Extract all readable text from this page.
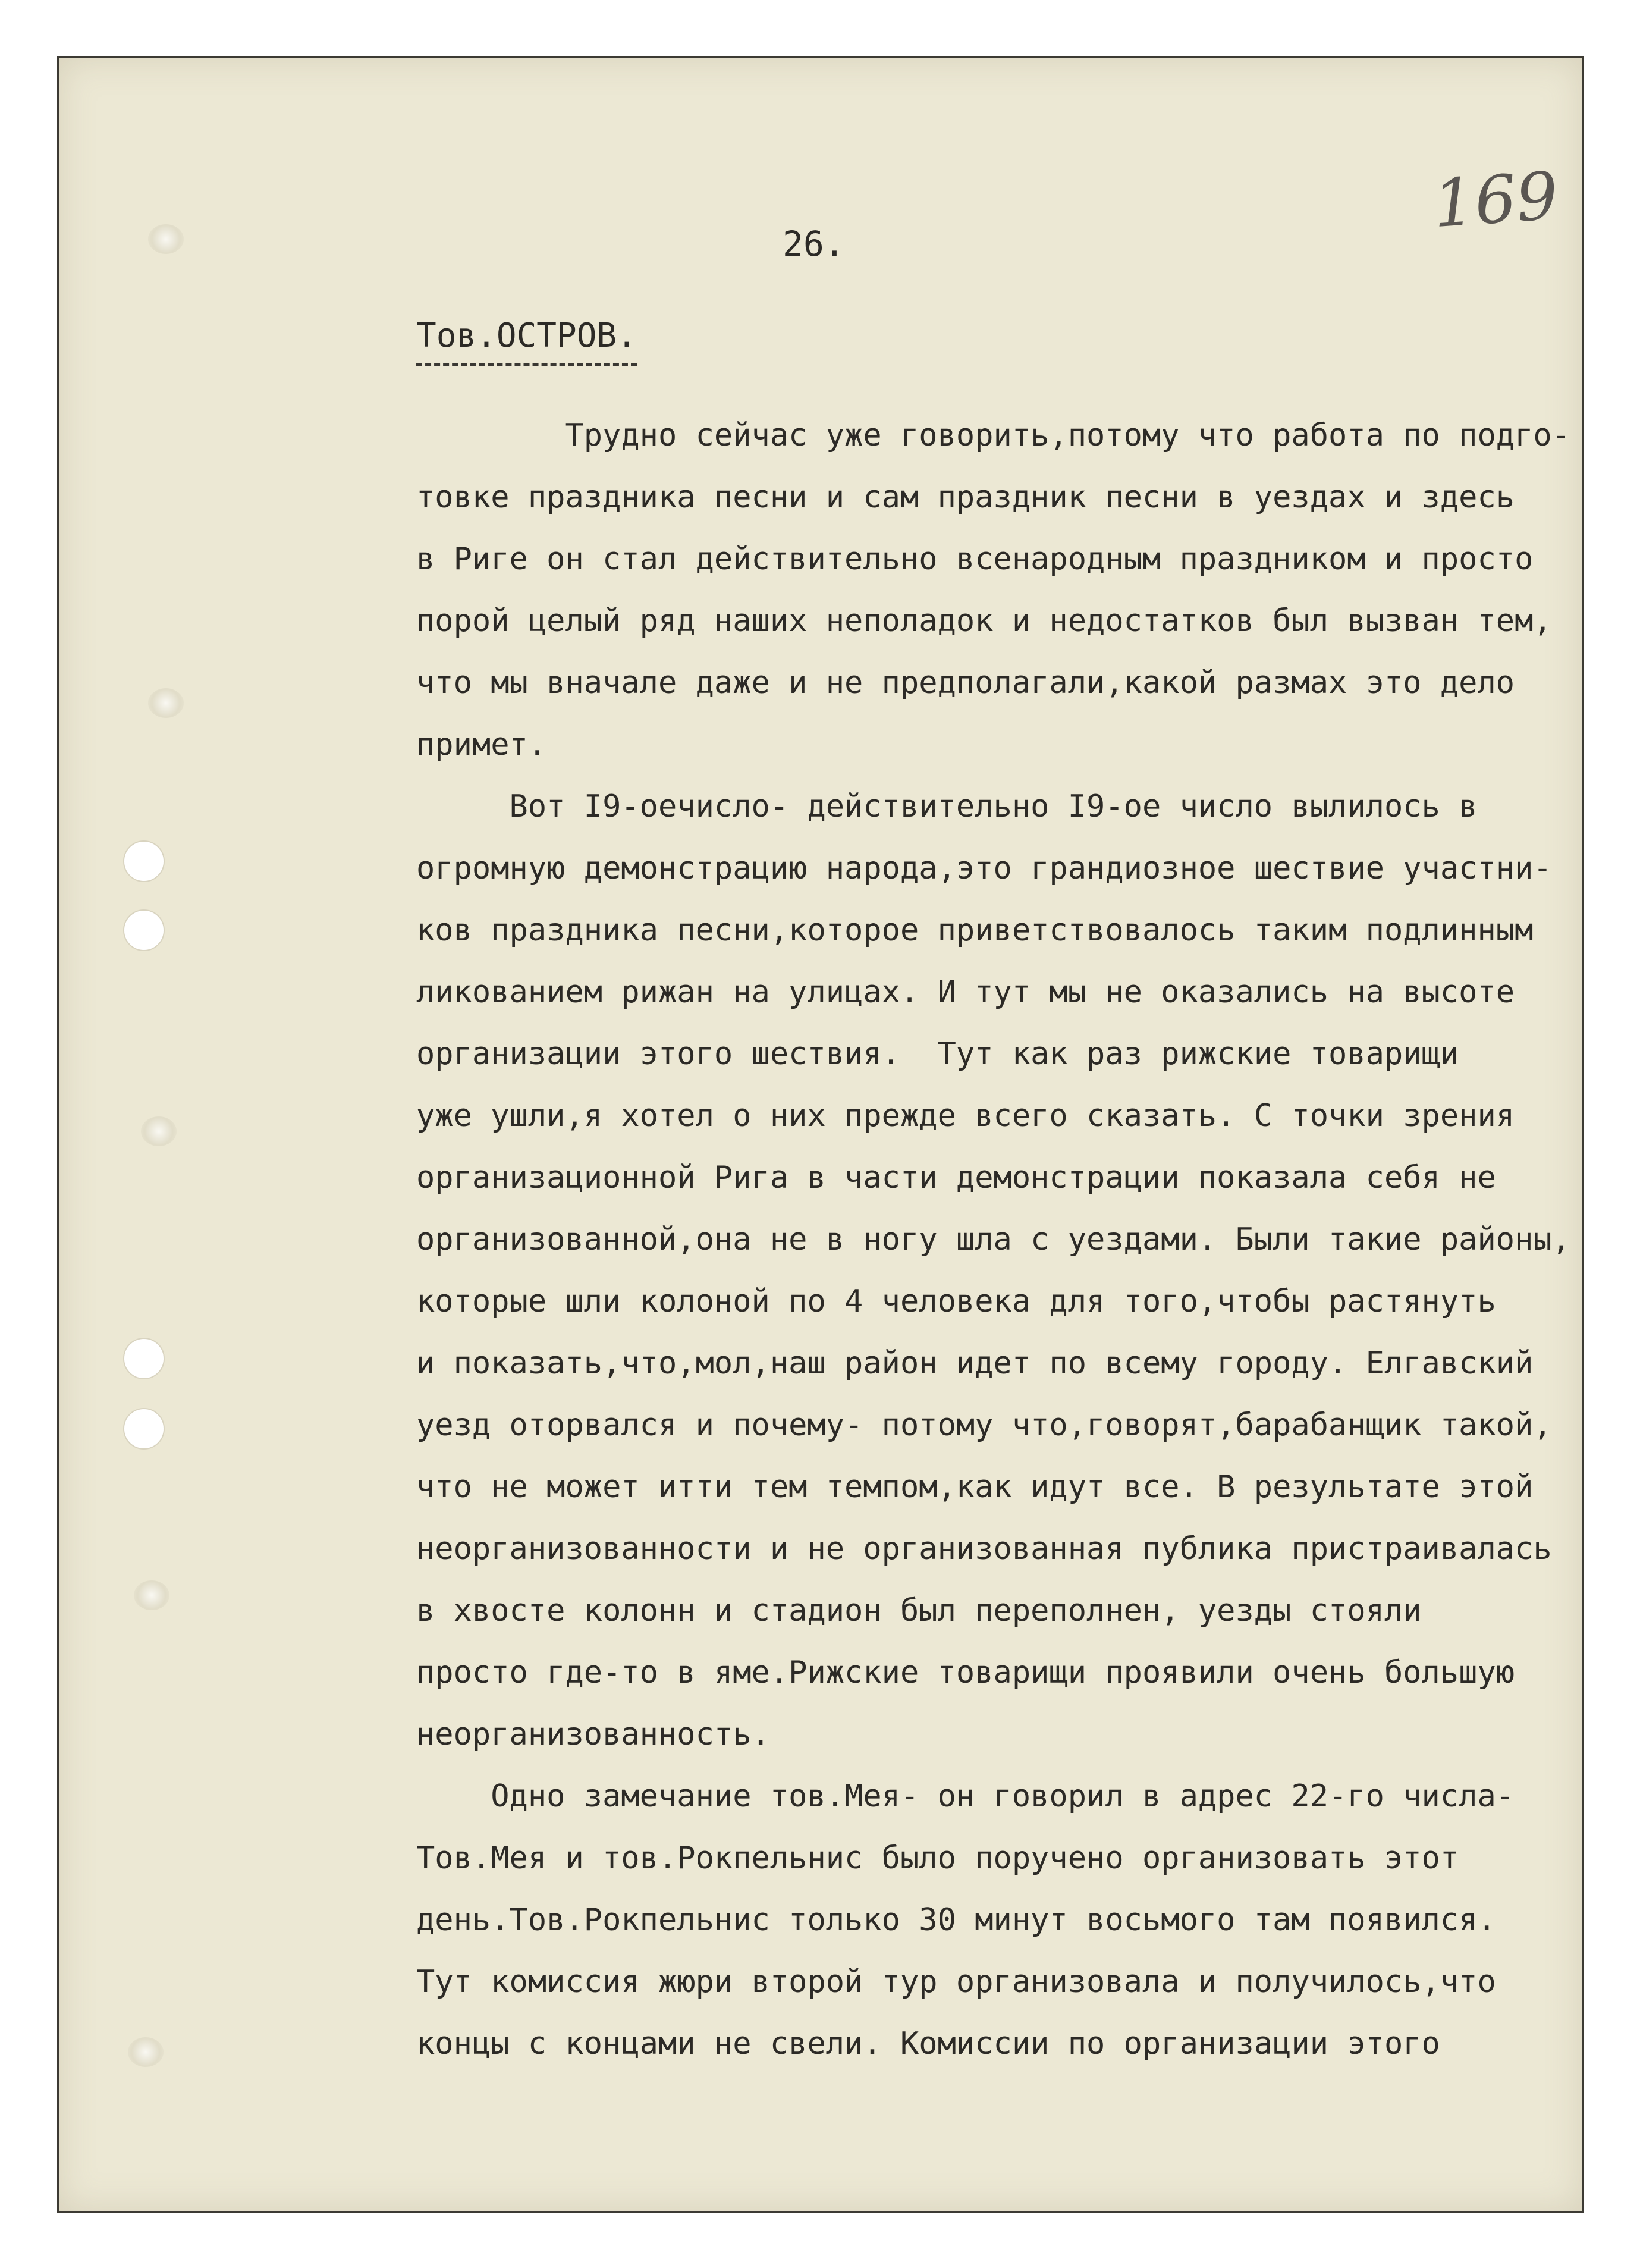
169
26.
Тов.ОСТРОВ.
Трудно сейчас уже говорить,потому что работа по подго-
товке праздника песни и сам праздник песни в уездах и здесь
в Риге он стал действительно всенародным праздником и просто
порой целый ряд наших неполадок и недостатков был вызван тем,
что мы вначале даже и не предполагали,какой размах это дело
примет.
Вот I9-оечисло- действительно I9-ое число вылилось в
огромную демонстрацию народа,это грандиозное шествие участни-
ков праздника песни,которое приветствовалось таким подлинным
ликованием рижан на улицах. И тут мы не оказались на высоте
организации этого шествия.  Тут как раз рижские товарищи
уже ушли,я хотел о них прежде всего сказать. С точки зрения
организационной Рига в части демонстрации показала себя не
организованной,она не в ногу шла с уездами. Были такие районы,
которые шли колоной по 4 человека для того,чтобы растянуть
и показать,что,мол,наш район идет по всему городу. Елгавский
уезд оторвался и почему- потому что,говорят,барабанщик такой,
что не может итти тем темпом,как идут все. В результате этой
неорганизованности и не организованная публика пристраивалась
в хвосте колонн и стадион был переполнен, уезды стояли
просто где-то в яме.Рижские товарищи проявили очень большую
неорганизованность.
Одно замечание тов.Мея- он говорил в адрес 22-го числа-
Тов.Мея и тов.Рокпельнис было поручено организовать этот
день.Тов.Рокпельнис только 30 минут восьмого там появился.
Тут комиссия жюри второй тур организовала и получилось,что
концы с концами не свели. Комиссии по организации этого
